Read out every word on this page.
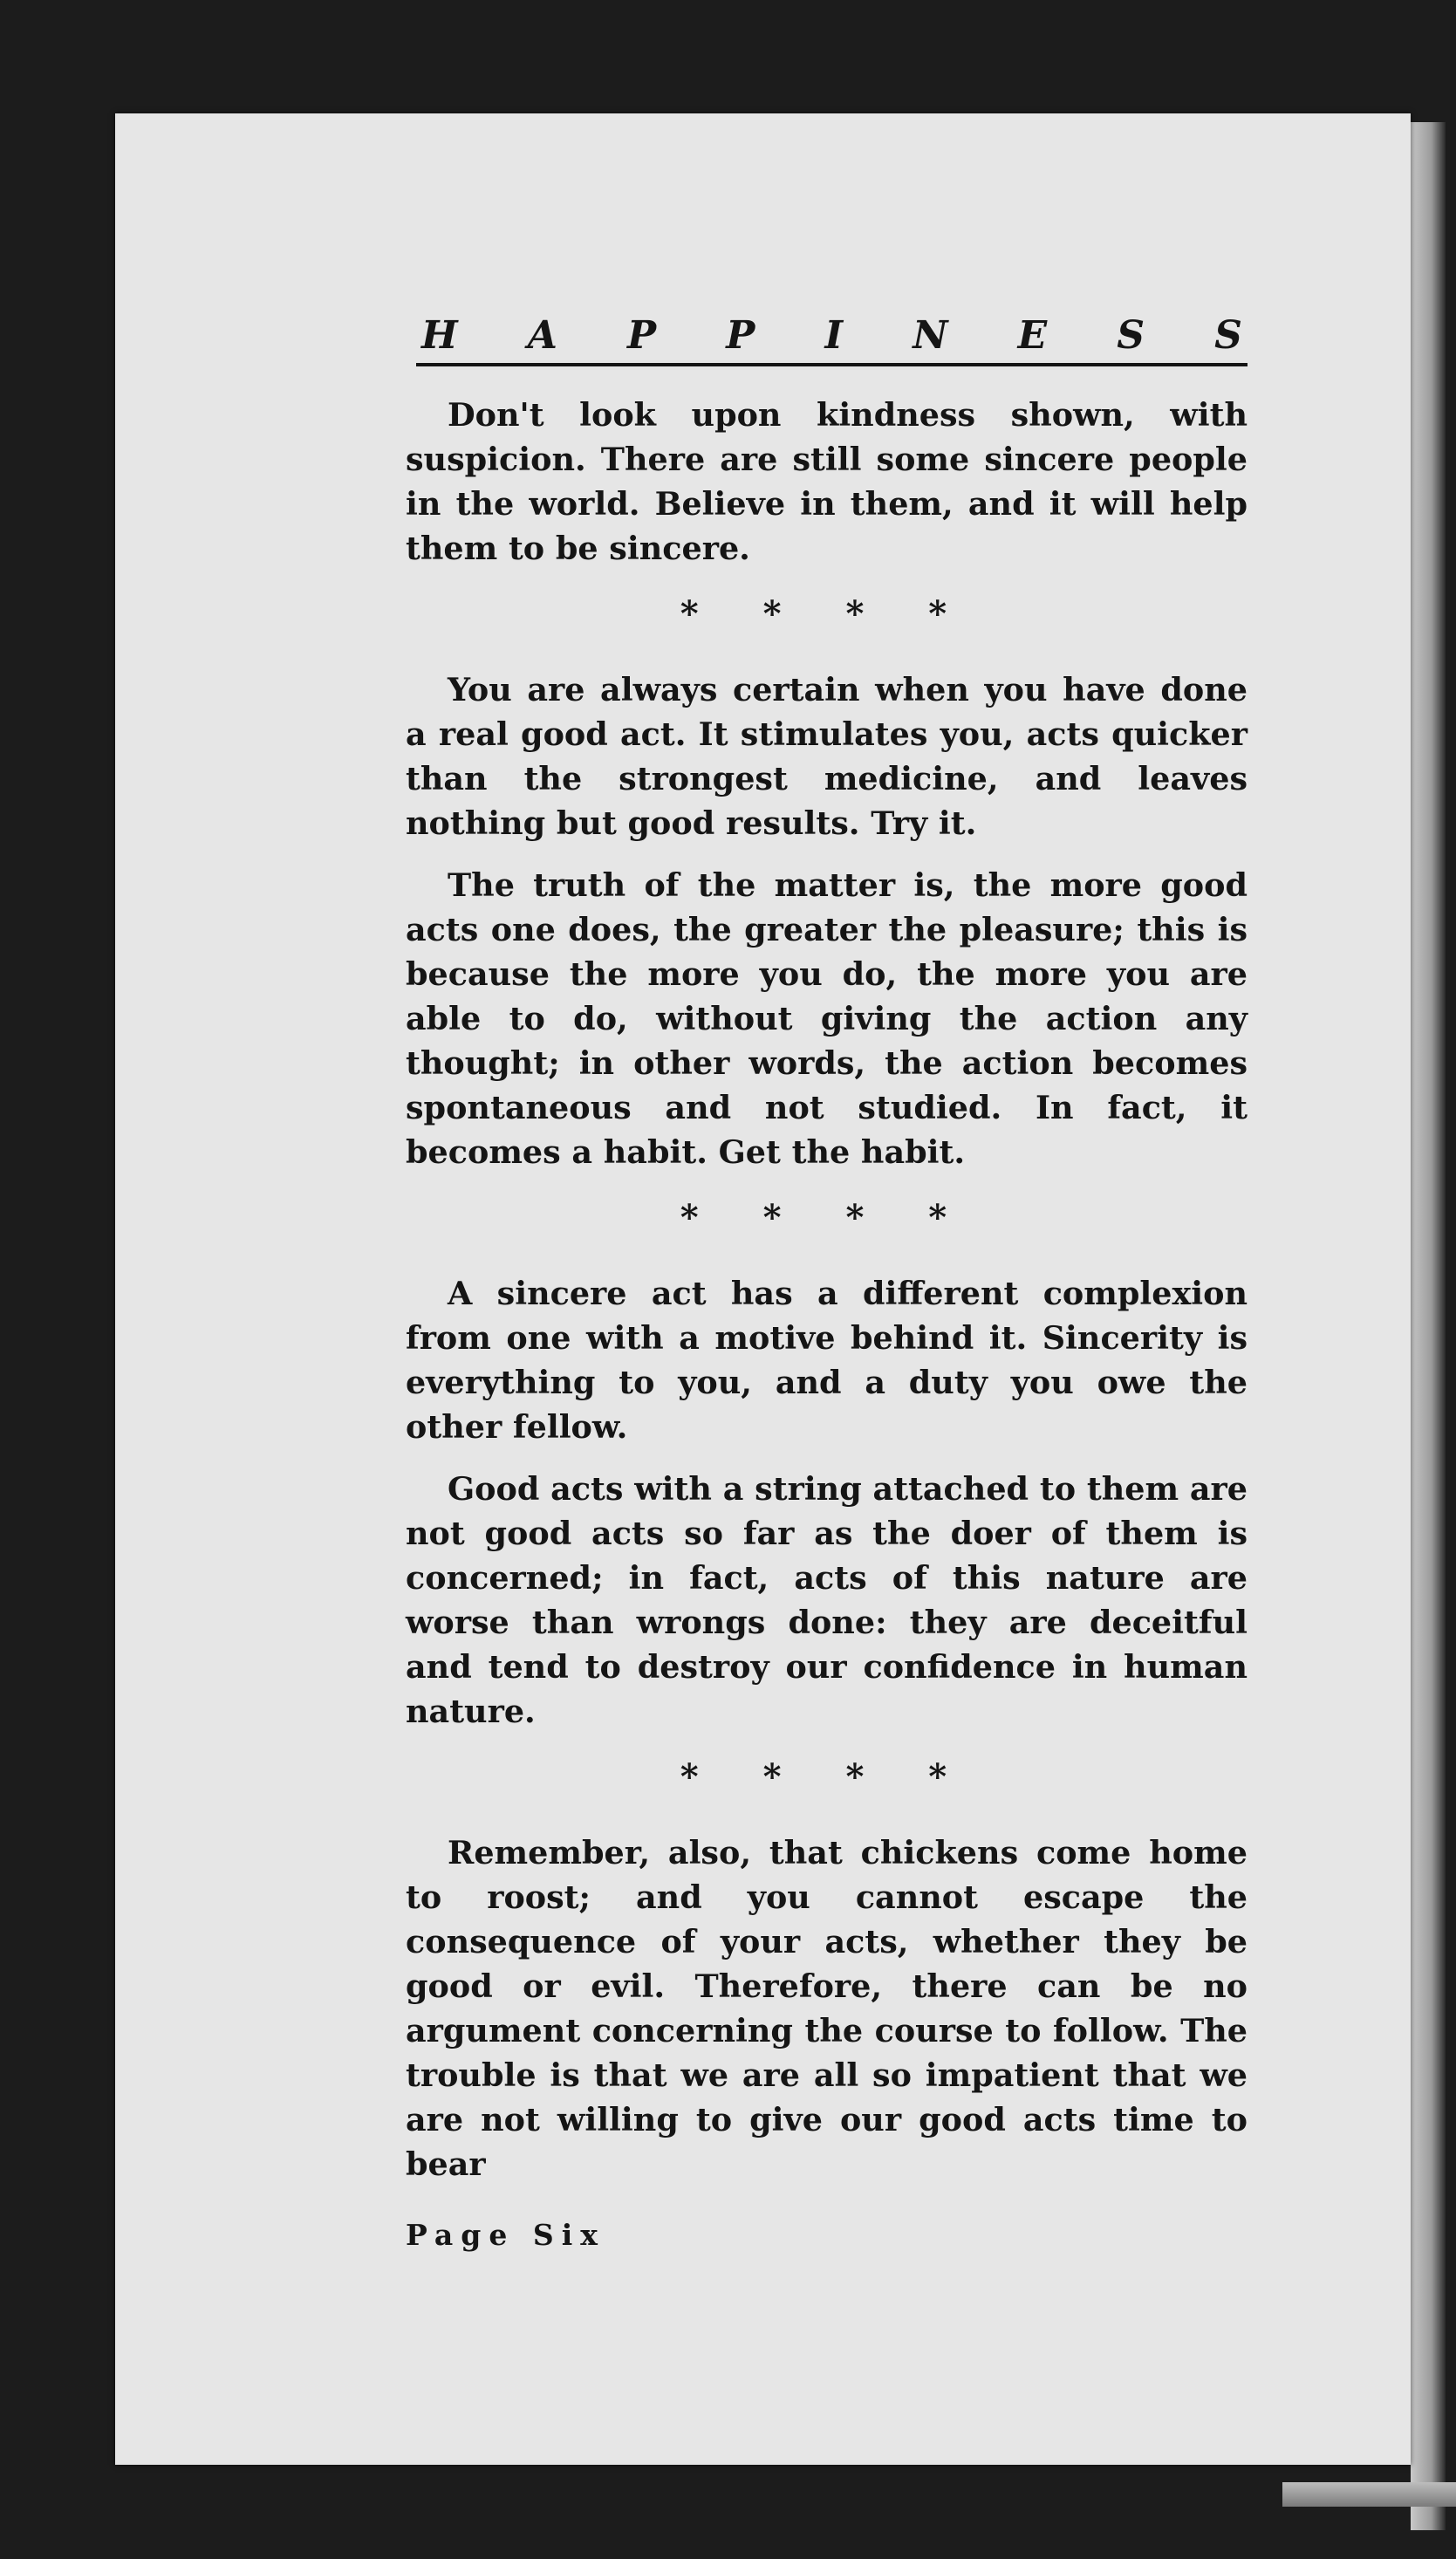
H A P P I N E S S

Don't look upon kindness shown, with suspicion. There are still some sincere people in the world. Believe in them, and it will help them to be sincere.

* * * *

You are always certain when you have done a real good act. It stimulates you, acts quicker than the strongest medicine, and leaves nothing but good results. Try it.

The truth of the matter is, the more good acts one does, the greater the pleasure; this is because the more you do, the more you are able to do, without giving the action any thought; in other words, the action becomes spontaneous and not studied. In fact, it becomes a habit. Get the habit.

* * * *

A sincere act has a different complexion from one with a motive behind it. Sincerity is everything to you, and a duty you owe the other fellow.

Good acts with a string attached to them are not good acts so far as the doer of them is concerned; in fact, acts of this nature are worse than wrongs done: they are deceitful and tend to destroy our confidence in human nature.

* * * *

Remember, also, that chickens come home to roost; and you cannot escape the consequence of your acts, whether they be good or evil. Therefore, there can be no argument concerning the course to follow. The trouble is that we are all so impatient that we are not willing to give our good acts time to bear

Page Six
